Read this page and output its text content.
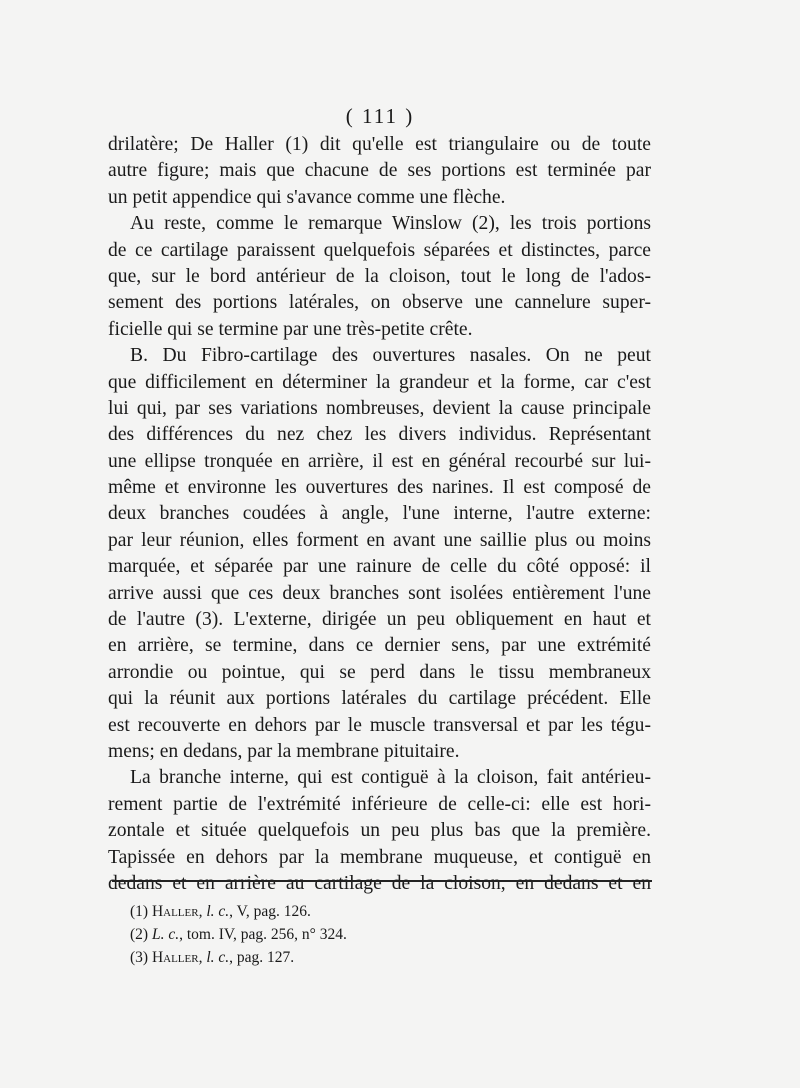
( 111 )
drilatère; De Haller (1) dit qu'elle est triangulaire ou de toute
autre figure; mais que chacune de ses portions est terminée par
un petit appendice qui s'avance comme une flèche.
Au reste, comme le remarque Winslow (2), les trois portions
de ce cartilage paraissent quelquefois séparées et distinctes, parce
que, sur le bord antérieur de la cloison, tout le long de l'ados-
sement des portions latérales, on observe une cannelure super-
ficielle qui se termine par une très-petite crête.
B. Du Fibro-cartilage des ouvertures nasales. On ne peut
que difficilement en déterminer la grandeur et la forme, car c'est
lui qui, par ses variations nombreuses, devient la cause principale
des différences du nez chez les divers individus. Représentant
une ellipse tronquée en arrière, il est en général recourbé sur lui-
même et environne les ouvertures des narines. Il est composé de
deux branches coudées à angle, l'une interne, l'autre externe:
par leur réunion, elles forment en avant une saillie plus ou moins
marquée, et séparée par une rainure de celle du côté opposé: il
arrive aussi que ces deux branches sont isolées entièrement l'une
de l'autre (3). L'externe, dirigée un peu obliquement en haut et
en arrière, se termine, dans ce dernier sens, par une extrémité
arrondie ou pointue, qui se perd dans le tissu membraneux
qui la réunit aux portions latérales du cartilage précédent. Elle
est recouverte en dehors par le muscle transversal et par les tégu-
mens; en dedans, par la membrane pituitaire.
La branche interne, qui est contiguë à la cloison, fait antérieu-
rement partie de l'extrémité inférieure de celle-ci: elle est hori-
zontale et située quelquefois un peu plus bas que la première.
Tapissée en dehors par la membrane muqueuse, et contiguë en
dedans et en arrière au cartilage de la cloison, en dedans et en
(1) Haller, l. c., V, pag. 126.
(2) L. c., tom. IV, pag. 256, n° 324.
(3) Haller, l. c., pag. 127.
